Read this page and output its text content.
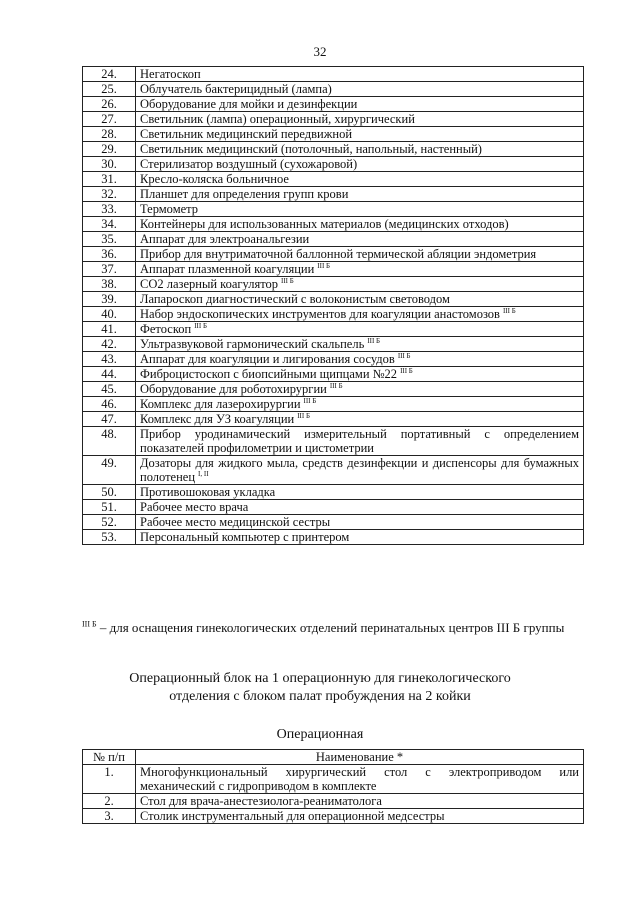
32
24.	Негатоскоп
25.	Облучатель бактерицидный (лампа)
26.	Оборудование для мойки и дезинфекции
27.	Светильник (лампа) операционный, хирургический
28.	Светильник медицинский передвижной
29.	Светильник медицинский (потолочный, напольный, настенный)
30.	Стерилизатор воздушный (сухожаровой)
31.	Кресло-коляска больничное
32.	Планшет для определения групп крови
33.	Термометр
34.	Контейнеры для использованных материалов (медицинских отходов)
35.	Аппарат для электроанальгезии
36.	Прибор для внутриматочной баллонной термической абляции эндометрия
37.	Аппарат плазменной коагуляции $^{III Б}$
38.	СО2 лазерный коагулятор $^{III Б}$
39.	Лапароскоп диагностический с волоконистым световодом
40.	Набор эндоскопических инструментов для коагуляции анастомозов $^{III Б}$
41.	Фетоскоп $^{III Б}$
42.	Ультразвуковой гармонический скальпель $^{III Б}$
43.	Аппарат для коагуляции и лигирования сосудов $^{III Б}$
44.	Фиброцистоскоп с биопсийными щипцами №22 $^{III Б}$
45.	Оборудование для роботохирургии $^{III Б}$
46.	Комплекс для лазерохирургии $^{III Б}$
47.	Комплекс для УЗ коагуляции $^{III Б}$
48.	Прибор уродинамический измерительный портативный с определением показателей профилометрии и цистометрии
49.	Дозаторы для жидкого мыла, средств дезинфекции и диспенсоры для бумажных полотенец $^{I, II}$
50.	Противошоковая укладка
51.	Рабочее место врача
52.	Рабочее место медицинской сестры
53.	Персональный компьютер с принтером
$^{III Б}$ – для оснащения гинекологических отделений перинатальных центров III Б группы
Операционный блок на 1 операционную для гинекологического отделения с блоком палат пробуждения на 2 койки
Операционная
№ п/п	Наименование *
1.	Многофункциональный хирургический стол с электроприводом или механический с гидроприводом в комплекте
2.	Стол для врача-анестезиолога-реаниматолога
3.	Столик инструментальный для операционной медсестры
